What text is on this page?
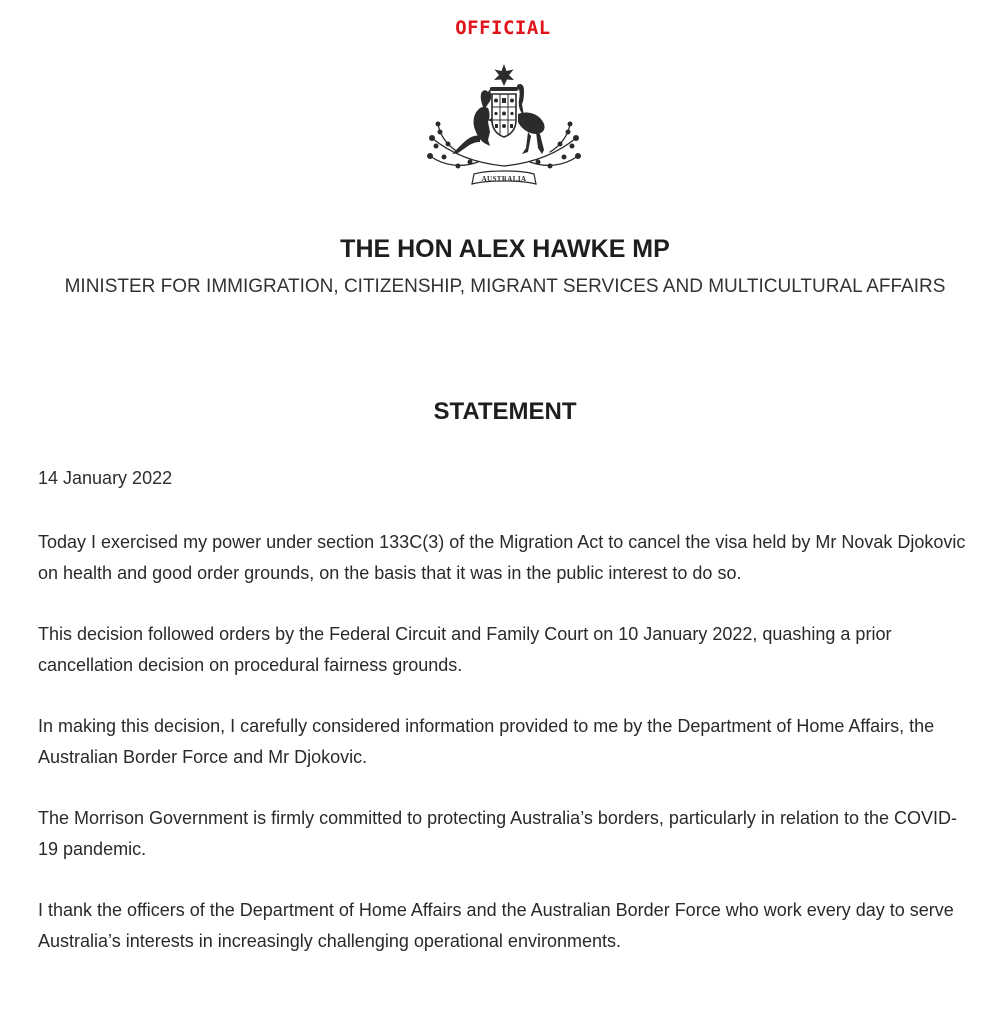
OFFICIAL
AUSTRALIA
THE HON ALEX HAWKE MP
MINISTER FOR IMMIGRATION, CITIZENSHIP, MIGRANT SERVICES AND MULTICULTURAL AFFAIRS
STATEMENT
14 January 2022

Today I exercised my power under section 133C(3) of the Migration Act to cancel the visa held by Mr Novak Djokovic on health and good order grounds, on the basis that it was in the public interest to do so.

This decision followed orders by the Federal Circuit and Family Court on 10 January 2022, quashing a prior cancellation decision on procedural fairness grounds.

In making this decision, I carefully considered information provided to me by the Department of Home Affairs, the Australian Border Force and Mr Djokovic.

The Morrison Government is firmly committed to protecting Australia’s borders, particularly in relation to the COVID-19 pandemic.

I thank the officers of the Department of Home Affairs and the Australian Border Force who work every day to serve Australia’s interests in increasingly challenging operational environments.
